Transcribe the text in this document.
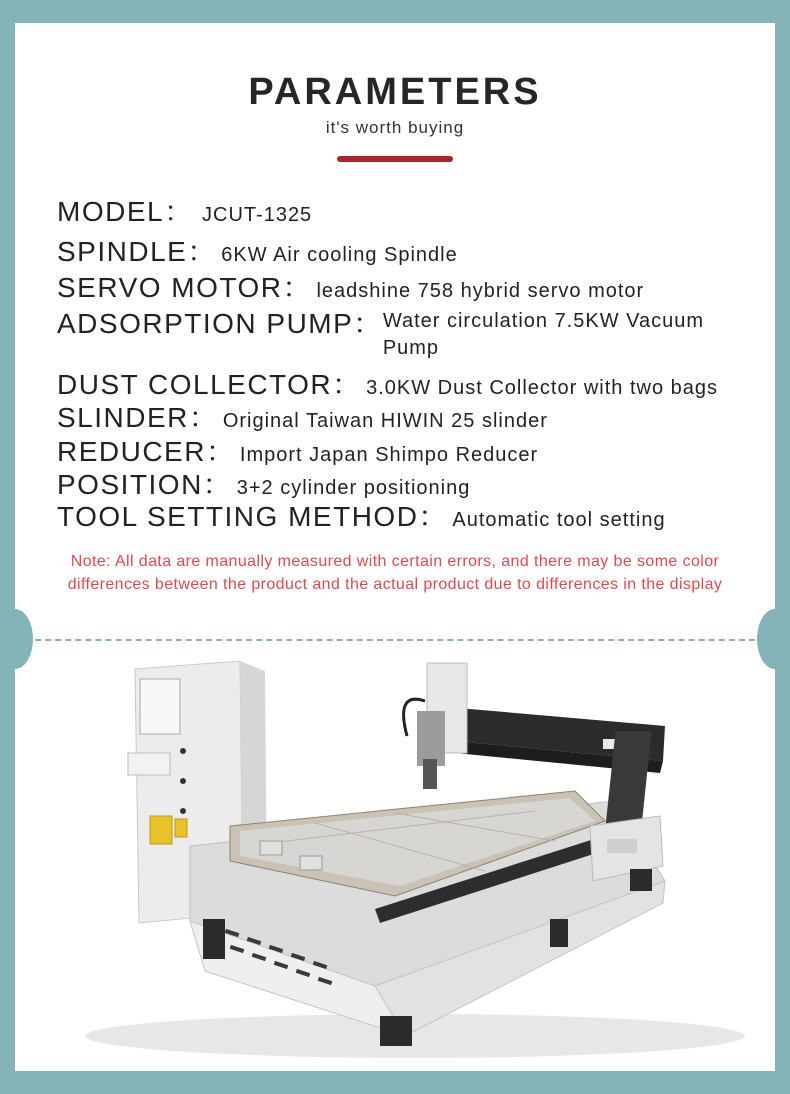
PARAMETERS
it's worth buying
MODEL： JCUT-1325
SPINDLE： 6KW Air cooling Spindle
SERVO MOTOR： leadshine 758 hybrid servo motor
ADSORPTION PUMP： Water circulation 7.5KW Vacuum Pump
DUST COLLECTOR： 3.0KW Dust Collector with two bags
SLINDER： Original Taiwan HIWIN 25 slinder
REDUCER： Import Japan Shimpo Reducer
POSITION： 3+2 cylinder positioning
TOOL SETTING METHOD： Automatic tool setting
Note: All data are manually measured with certain errors, and there may be some color differences between the product and the actual product due to differences in the display
